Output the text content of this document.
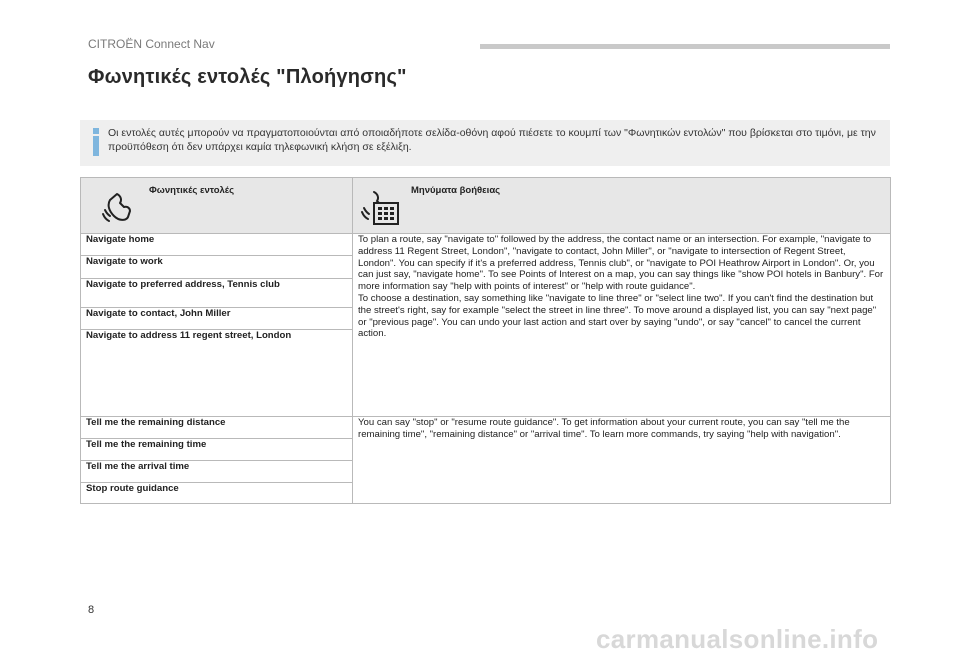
CITROËN Connect Nav
Φωνητικές εντολές "Πλοήγησης"
Οι εντολές αυτές μπορούν να πραγματοποιούνται από οποιαδήποτε σελίδα-οθόνη αφού πιέσετε το κουμπί των "Φωνητικών εντολών" που βρίσκεται στο τιμόνι, με την προϋπόθεση ότι δεν υπάρχει καμία τηλεφωνική κλήση σε εξέλιξη.
Φωνητικές εντολές	Μηνύματα βοήθειας

Navigate home	To plan a route, say "navigate to" followed by the address, the contact name or an intersection. For example, "navigate to address 11 Regent Street, London", "navigate to contact, John Miller", or "navigate to intersection of Regent Street, London". You can specify if it's a preferred address, Tennis club", or "navigate to POI Heathrow Airport in London". Or, you can just say, "navigate home". To see Points of Interest on a map, you can say things like "show POI hotels in Banbury". For more information say "help with points of interest" or "help with route guidance".
To choose a destination, say something like "navigate to line three" or "select line two". If you can't find the destination but the street's right, say for example "select the street in line three". To move around a displayed list, you can say "next page" or "previous page". You can undo your last action and start over by saying "undo", or say "cancel" to cancel the current action.

Navigate to work	
Navigate to preferred address, Tennis club	
Navigate to contact, John Miller	
Navigate to address 11 regent street, London	
Tell me the remaining distance	You can say "stop" or "resume route guidance". To get information about your current route, you can say "tell me the remaining time", "remaining distance" or "arrival time". To learn more commands, try saying "help with navigation".
Tell me the remaining time	
Tell me the arrival time	
Stop route guidance	
8
carmanualsonline.info
